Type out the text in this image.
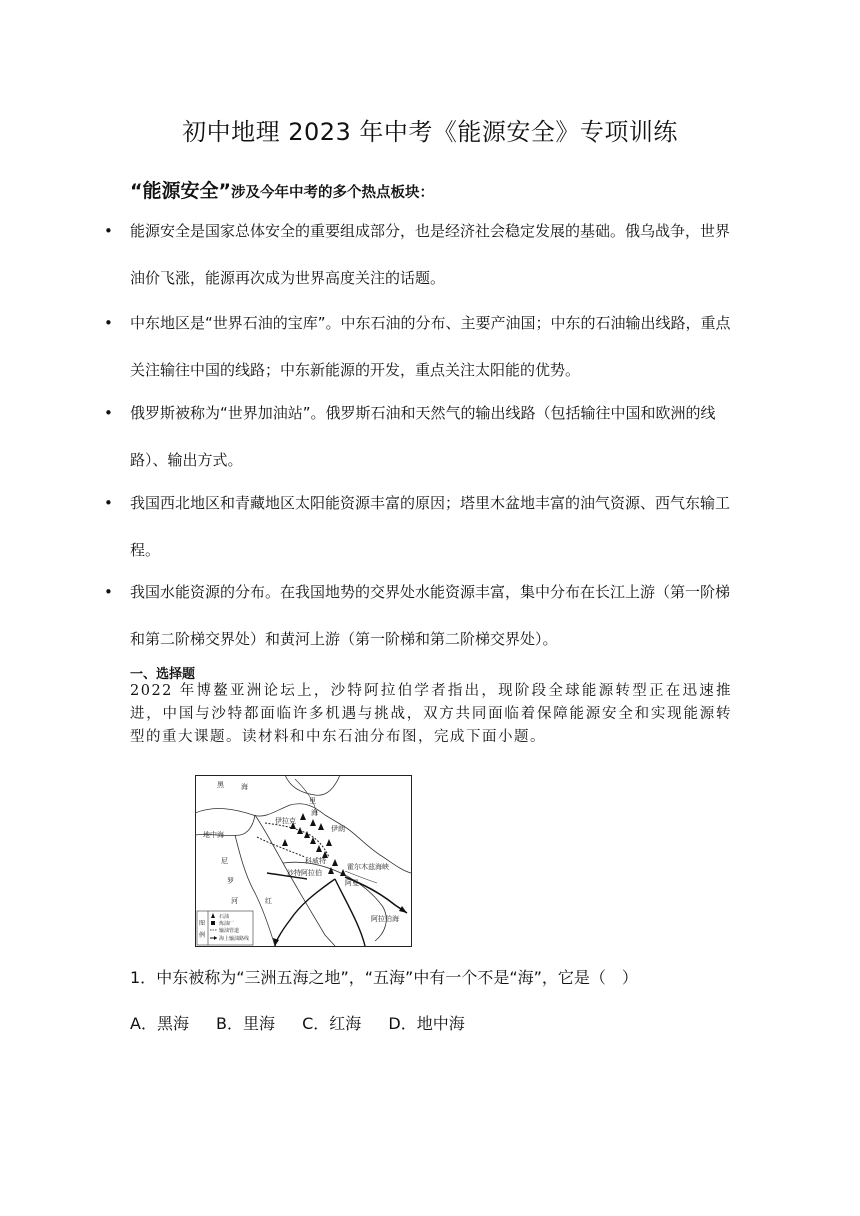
初中地理 2023 年中考《能源安全》专项训练
“能源安全”涉及今年中考的多个热点板块：
• 能源安全是国家总体安全的重要组成部分，也是经济社会稳定发展的基础。俄乌战争，世界油价飞涨，能源再次成为世界高度关注的话题。
• 中东地区是“世界石油的宝库”。中东石油的分布、主要产油国；中东的石油输出线路，重点关注输往中国的线路；中东新能源的开发，重点关注太阳能的优势。
• 俄罗斯被称为“世界加油站”。俄罗斯石油和天然气的输出线路（包括输往中国和欧洲的线路）、输出方式。
• 我国西北地区和青藏地区太阳能资源丰富的原因；塔里木盆地丰富的油气资源、西气东输工程。
• 我国水能资源的分布。在我国地势的交界处水能资源丰富，集中分布在长江上游（第一阶梯和第二阶梯交界处）和黄河上游（第一阶梯和第二阶梯交界处）。
一、选择题
2022 年博鳌亚洲论坛上，沙特阿拉伯学者指出，现阶段全球能源转型正在迅速推进，中国与沙特都面临许多机遇与挑战，双方共同面临着保障能源安全和实现能源转型的重大课题。读材料和中东石油分布图，完成下面小题。
黑 海
地中海
里
海
伊朗
伊拉克
科威特
沙特阿拉伯
阿曼
霍尔木兹海峡
阿拉伯海
红
尼
罗
河
图
例
石油
炼油厂
输油管道
海上输油路线
1．中东被称为“三洲五海之地”，“五海”中有一个不是“海”，它是（　）
A．黑海 B．里海 C．红海 D．地中海
